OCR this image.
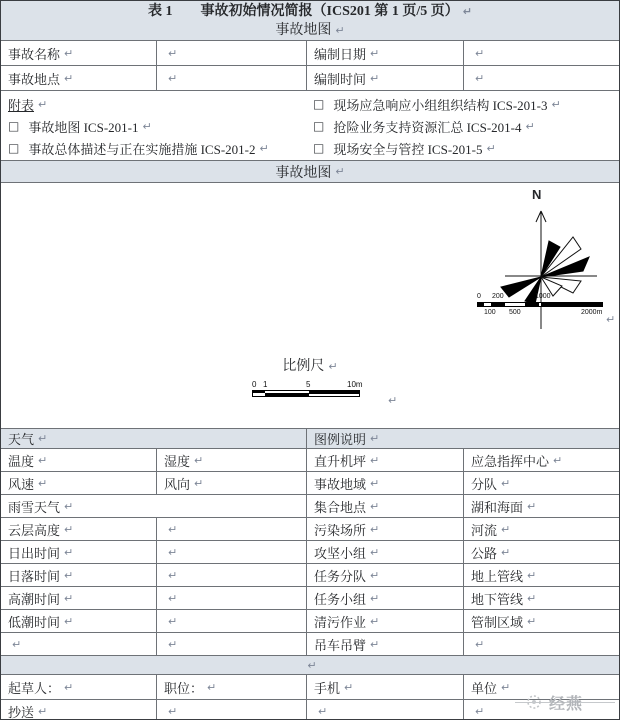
表 1　　事故初始情况简报（ICS201 第 1 页/5 页） ↵
事故地图 ↵
事故名称 ↵	↵	编制日期 ↵	↵
事故地点 ↵	↵	编制时间 ↵	↵
附表 ↵
□ 事故地图 ICS-201-1 ↵
□ 事故总体描述与正在实施措施 ICS-201-2 ↵
□ 现场应急响应小组组织结构 ICS-201-3 ↵
□ 抢险业务支持资源汇总 ICS-201-4 ↵
□ 现场安全与管控 ICS-201-5 ↵
事故地图 ↵
N
0 200	1000
100 500	2000m
↵
比例尺 ↵
0 1	5	10m
↵
天气 ↵	图例说明 ↵
温度 ↵	湿度 ↵	直升机坪 ↵	应急指挥中心 ↵
风速 ↵	风向 ↵	事故地域 ↵	分队 ↵
雨雪天气 ↵	集合地点 ↵	湖和海面 ↵
云层高度 ↵	↵	污染场所 ↵	河流 ↵
日出时间 ↵	↵	攻坚小组 ↵	公路 ↵
日落时间 ↵	↵	任务分队 ↵	地上管线 ↵
高潮时间 ↵	↵	任务小组 ↵	地下管线 ↵
低潮时间 ↵	↵	清污作业 ↵	管制区域 ↵
↵	↵	吊车吊臂 ↵	↵
↵
起草人： ↵	职位： ↵	手机 ↵	单位 ↵
抄送 ↵	↵	↵	↵	经燕
